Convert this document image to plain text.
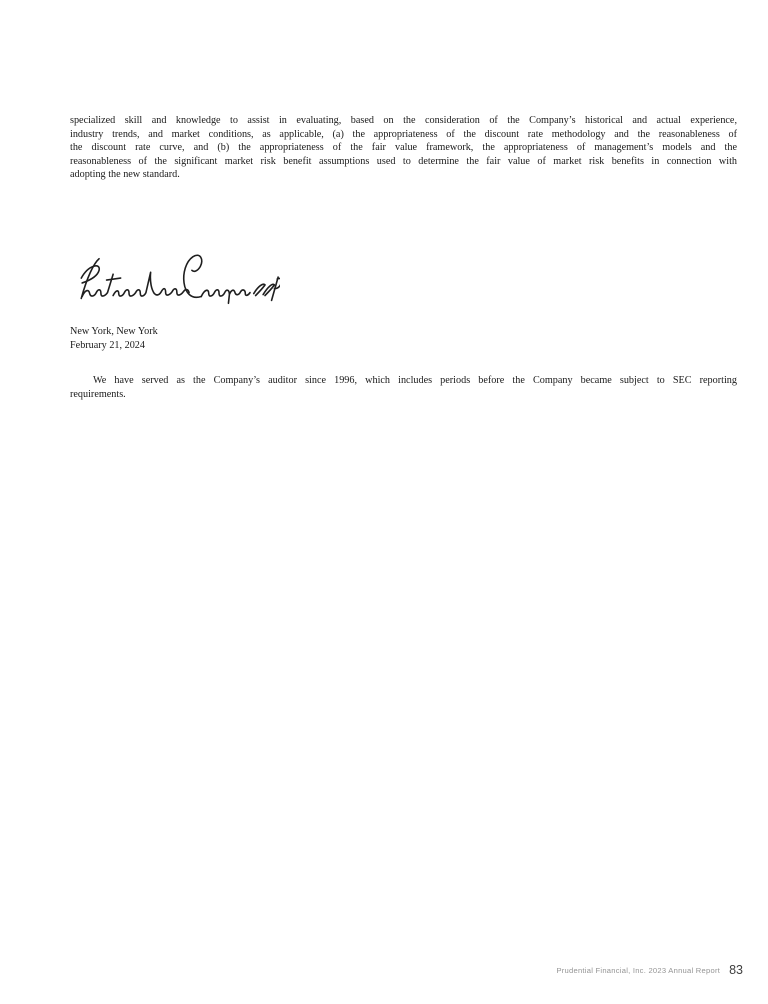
specialized skill and knowledge to assist in evaluating, based on the consideration of the Company’s historical and actual experience,
industry trends, and market conditions, as applicable, (a) the appropriateness of the discount rate methodology and the reasonableness of
the discount rate curve, and (b) the appropriateness of the fair value framework, the appropriateness of management’s models and the
reasonableness of the significant market risk benefit assumptions used to determine the fair value of market risk benefits in connection with
adopting the new standard.
New York, New York
February 21, 2024
We have served as the Company’s auditor since 1996, which includes periods before the Company became subject to SEC reporting
requirements.
Prudential Financial, Inc. 2023 Annual Report 83
